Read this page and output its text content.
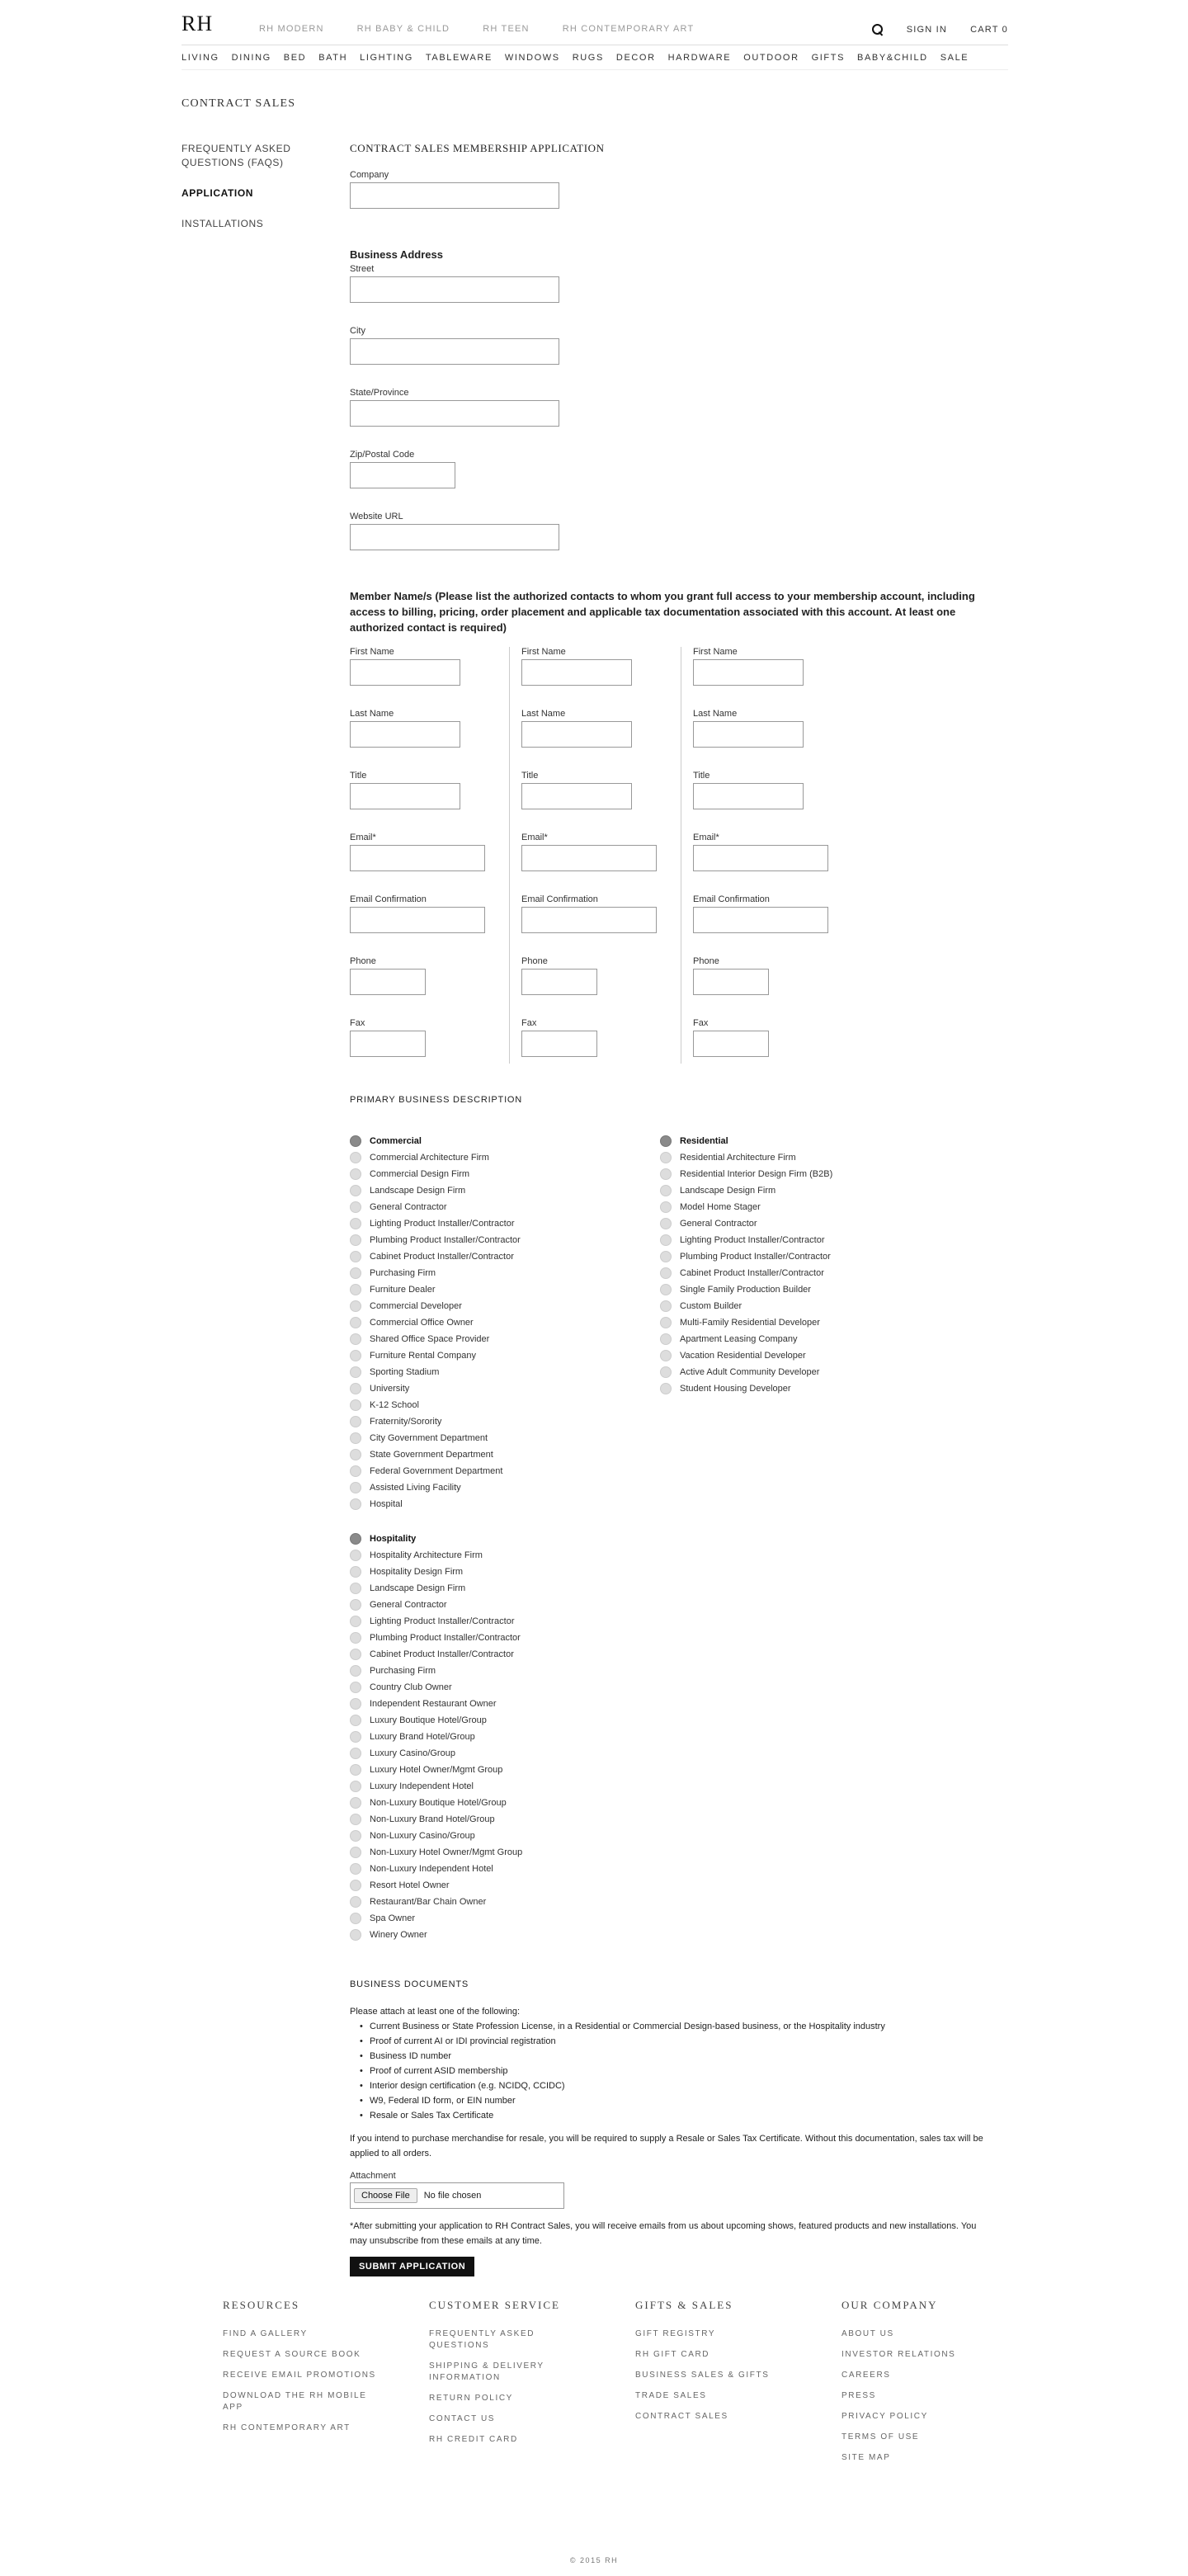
RH	RH MODERN	RH BABY & CHILD	RH TEEN	RH CONTEMPORARY ART	SIGN IN	CART 0
LIVING DINING BED BATH LIGHTING TABLEWARE WINDOWS RUGS DECOR HARDWARE OUTDOOR GIFTS BABY&CHILD SALE
CONTRACT SALES
FREQUENTLY ASKED QUESTIONS (FAQS)
APPLICATION
INSTALLATIONS
CONTRACT SALES MEMBERSHIP APPLICATION
Company
Business Address
Street
City
State/Province
Zip/Postal Code
Website URL
Member Name/s (Please list the authorized contacts to whom you grant full access to your membership account, including access to billing, pricing, order placement and applicable tax documentation associated with this account. At least one authorized contact is required)
First Name
Last Name
Title
Email*
Email Confirmation
Phone
Fax
First Name
Last Name
Title
Email*
Email Confirmation
Phone
Fax
First Name
Last Name
Title
Email*
Email Confirmation
Phone
Fax
PRIMARY BUSINESS DESCRIPTION
Commercial
Commercial Architecture Firm
Commercial Design Firm
Landscape Design Firm
General Contractor
Lighting Product Installer/Contractor
Plumbing Product Installer/Contractor
Cabinet Product Installer/Contractor
Purchasing Firm
Furniture Dealer
Commercial Developer
Commercial Office Owner
Shared Office Space Provider
Furniture Rental Company
Sporting Stadium
University
K-12 School
Fraternity/Sorority
City Government Department
State Government Department
Federal Government Department
Assisted Living Facility
Hospital
Hospitality
Hospitality Architecture Firm
Hospitality Design Firm
Landscape Design Firm
General Contractor
Lighting Product Installer/Contractor
Plumbing Product Installer/Contractor
Cabinet Product Installer/Contractor
Purchasing Firm
Country Club Owner
Independent Restaurant Owner
Luxury Boutique Hotel/Group
Luxury Brand Hotel/Group
Luxury Casino/Group
Luxury Hotel Owner/Mgmt Group
Luxury Independent Hotel
Non-Luxury Boutique Hotel/Group
Non-Luxury Brand Hotel/Group
Non-Luxury Casino/Group
Non-Luxury Hotel Owner/Mgmt Group
Non-Luxury Independent Hotel
Resort Hotel Owner
Restaurant/Bar Chain Owner
Spa Owner
Winery Owner
Residential
Residential Architecture Firm
Residential Interior Design Firm (B2B)
Landscape Design Firm
Model Home Stager
General Contractor
Lighting Product Installer/Contractor
Plumbing Product Installer/Contractor
Cabinet Product Installer/Contractor
Single Family Production Builder
Custom Builder
Multi-Family Residential Developer
Apartment Leasing Company
Vacation Residential Developer
Active Adult Community Developer
Student Housing Developer
BUSINESS DOCUMENTS

Please attach at least one of the following:

• Current Business or State Profession License, in a Residential or Commercial Design-based business, or the Hospitality industry
• Proof of current AI or IDI provincial registration
• Business ID number
• Proof of current ASID membership
• Interior design certification (e.g. NCIDQ, CCIDC)
• W9, Federal ID form, or EIN number
• Resale or Sales Tax Certificate

If you intend to purchase merchandise for resale, you will be required to supply a Resale or Sales Tax Certificate. Without this documentation, sales tax will be applied to all orders.

Attachment
Choose File	No file chosen

*After submitting your application to RH Contract Sales, you will receive emails from us about upcoming shows, featured products and new installations. You may unsubscribe from these emails at any time.

SUBMIT APPLICATION
RESOURCES
FIND A GALLERY
REQUEST A SOURCE BOOK
RECEIVE EMAIL PROMOTIONS
DOWNLOAD THE RH MOBILE APP
RH CONTEMPORARY ART
CUSTOMER SERVICE
FREQUENTLY ASKED QUESTIONS
SHIPPING & DELIVERY INFORMATION
RETURN POLICY
CONTACT US
RH CREDIT CARD
GIFTS & SALES
GIFT REGISTRY
RH GIFT CARD
BUSINESS SALES & GIFTS
TRADE SALES
CONTRACT SALES
OUR COMPANY
ABOUT US
INVESTOR RELATIONS
CAREERS
PRESS
PRIVACY POLICY
TERMS OF USE
SITE MAP
© 2015 RH
